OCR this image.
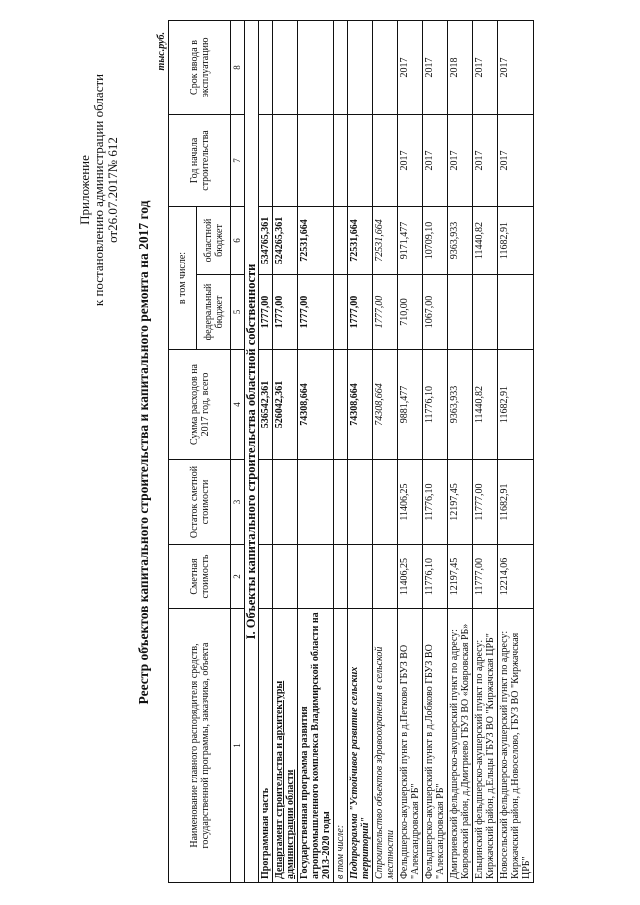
Приложение к постановлению администрации области от26.07.2017№ 612
Реестр объектов капитального строительства и капитального ремонта на 2017 год
тыс.руб.
Наименование главного распорядителя средств, государственной программы, заказчика, объекта	Сметная стоимость	Остаток сметной стоимости	Сумма расходов на 2017 год, всего	в том числе:		Год начала строительства	Срок ввода в эксплуатацию
				федеральный бюджет	областной бюджет		
1	2	3	4	5	6	7	8
I. Объекты капитального строительства областной собственности							
Программная часть			536542,361	1777,00	534765,361		
Департамент строительства и архитектуры администрации области			526042,361	1777,00	524265,361		
Государственная программа развития агропромышленного комплекса Владимирской области на 2013-2020 годы			74308,664	1777,00	72531,664		
в том числе:							
Подпрограмма "Устойчивое развитие сельских территорий"			74308,664	1777,00	72531,664		
Строительство объектов здравоохранения в сельской местности			74308,664	1777,00	72531,664		
Фельдшерско-акушерский пункт в д.Петково ГБУЗ ВО "Александровская РБ"	11406,25	11406,25	9881,477	710,00	9171,477	2017	2017
Фельдшерско-акушерский пункт в д.Лобково ГБУЗ ВО "Александровская РБ"	11776,10	11776,10	11776,10	1067,00	10709,10	2017	2017
Дмитриевский фельдшерско-акушерский пункт по адресу: Ковровский район, д.Дмитриево ГБУЗ ВО «Ковровская РБ»	12197,45	12197,45	9363,933		9363,933	2017	2018
Ельцинский фельдшерско-акушерский пункт по адресу: Киржачский район, д.Ельцы ГБУЗ ВО "Киржачская ЦРБ"	11777,00	11777,00	11440,82		11440,82	2017	2017
Новосельский фельдшерско-акушерский пункт по адресу: Киржачский район, д.Новоселово, ГБУЗ ВО "Киржачская ЦРБ"	12214,06	11682,91	11682,91		11682,91	2017	2017
